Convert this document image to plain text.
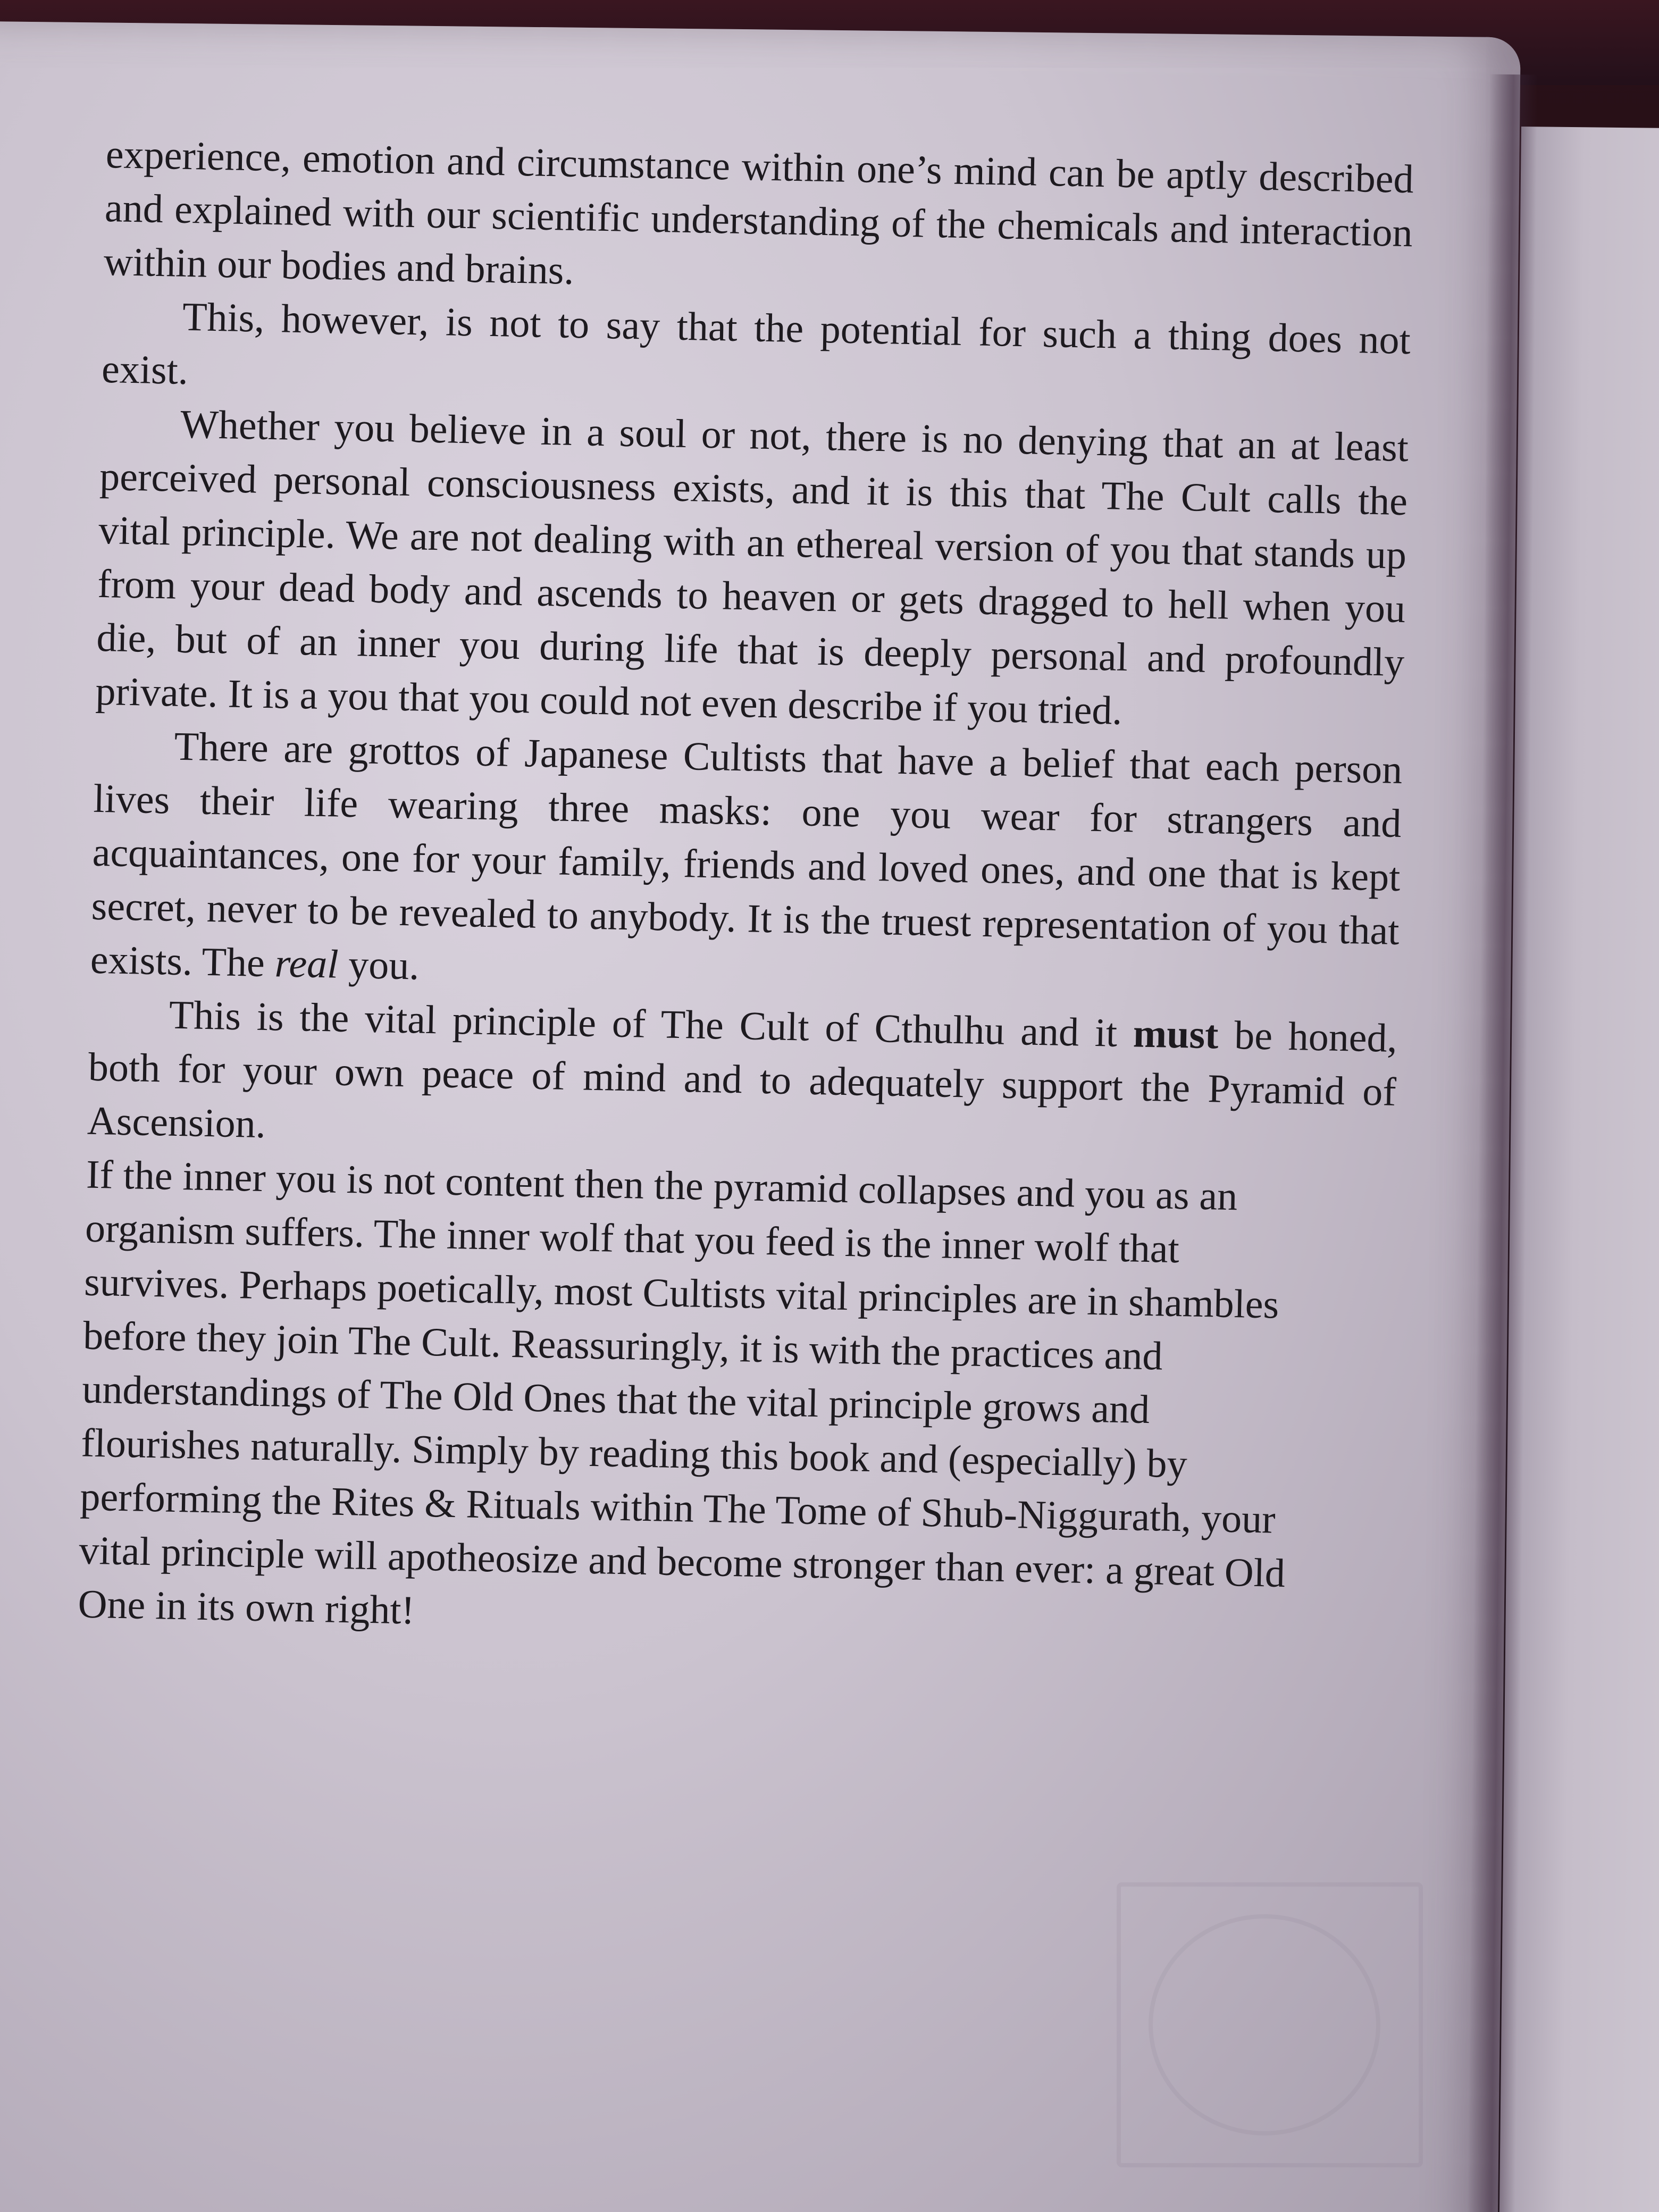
experience, emotion and circumstance within one’s mind can be aptly described and explained with our scientific understanding of the chemicals and interaction within our bodies and brains.

This, however, is not to say that the potential for such a thing does not exist.

Whether you believe in a soul or not, there is no denying that an at least perceived personal consciousness exists, and it is this that The Cult calls the vital principle. We are not dealing with an ethereal version of you that stands up from your dead body and ascends to heaven or gets dragged to hell when you die, but of an inner you during life that is deeply personal and profoundly private. It is a you that you could not even describe if you tried.

There are grottos of Japanese Cultists that have a belief that each person lives their life wearing three masks: one you wear for strangers and acquaintances, one for your family, friends and loved ones, and one that is kept secret, never to be revealed to anybody. It is the truest representation of you that exists. The real you.

This is the vital principle of The Cult of Cthulhu and it must be honed, both for your own peace of mind and to adequately support the Pyramid of Ascension.

If the inner you is not content then the pyramid collapses and you as an organism suffers. The inner wolf that you feed is the inner wolf that survives. Perhaps poetically, most Cultists vital principles are in shambles before they join The Cult. Reassuringly, it is with the practices and understandings of The Old Ones that the vital principle grows and flourishes naturally. Simply by reading this book and (especially) by performing the Rites & Rituals within The Tome of Shub-Niggurath, your vital principle will apotheosize and become stronger than ever: a great Old One in its own right!
